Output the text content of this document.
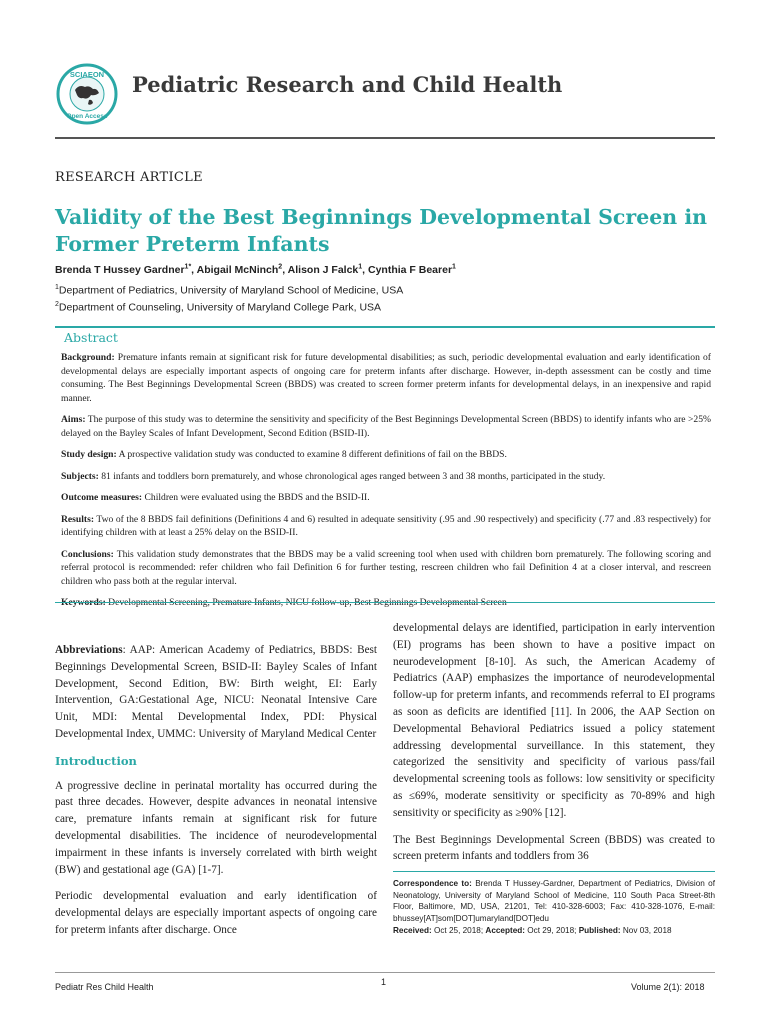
SCIAEON
Open Access
Pediatric Research and Child Health
RESEARCH ARTICLE
Validity of the Best Beginnings Developmental Screen in Former Preterm Infants
Brenda T Hussey Gardner$^{1*}$, Abigail McNinch$^2$, Alison J Falck$^1$, Cynthia F Bearer$^1$
$^1$Department of Pediatrics, University of Maryland School of Medicine, USA
$^2$Department of Counseling, University of Maryland College Park, USA
Abstract

Background: Premature infants remain at significant risk for future developmental disabilities; as such, periodic developmental evaluation and early identification of developmental delays are especially important aspects of ongoing care for preterm infants after discharge. However, in-depth assessment can be costly and time consuming. The Best Beginnings Developmental Screen (BBDS) was created to screen former preterm infants for developmental delays, in an inexpensive and rapid manner.

Aims: The purpose of this study was to determine the sensitivity and specificity of the Best Beginnings Developmental Screen (BBDS) to identify infants who are >25% delayed on the Bayley Scales of Infant Development, Second Edition (BSID-II).

Study design: A prospective validation study was conducted to examine 8 different definitions of fail on the BBDS.

Subjects: 81 infants and toddlers born prematurely, and whose chronological ages ranged between 3 and 38 months, participated in the study.

Outcome measures: Children were evaluated using the BBDS and the BSID-II.

Results: Two of the 8 BBDS fail definitions (Definitions 4 and 6) resulted in adequate sensitivity (.95 and .90 respectively) and specificity (.77 and .83 respectively) for identifying children with at least a 25% delay on the BSID-II.

Conclusions: This validation study demonstrates that the BBDS may be a valid screening tool when used with children born prematurely. The following scoring and referral protocol is recommended: refer children who fail Definition 6 for further testing, rescreen children who fail Definition 4 at a closer interval, and rescreen children who pass both at the regular interval.

Abbreviations: AAP: American Academy of Pediatrics, BBDS: Best Beginnings Developmental Screen, BSID-II: Bayley Scales of Infant Development, Second Edition, BW: Birth weight, EI: Early Intervention, GA:Gestational Age, NICU: Neonatal Intensive Care Unit, MDI: Mental Developmental Index, PDI: Physical Developmental Index, UMMC: University of Maryland Medical Center

Introduction

A progressive decline in perinatal mortality has occurred during the past three decades. However, despite advances in neonatal intensive care, premature infants remain at significant risk for future developmental disabilities. The incidence of neurodevelopmental impairment in these infants is inversely correlated with birth weight (BW) and gestational age (GA) [1-7].

Periodic developmental evaluation and early identification of developmental delays are especially important aspects of ongoing care for preterm infants after discharge. Once

developmental delays are identified, participation in early intervention (EI) programs has been shown to have a positive impact on neurodevelopment [8-10]. As such, the American Academy of Pediatrics (AAP) emphasizes the importance of neurodevelopmental follow-up for preterm infants, and recommends referral to EI programs as soon as deficits are identified [11]. In 2006, the AAP Section on Developmental Behavioral Pediatrics issued a policy statement addressing developmental surveillance. In this statement, they categorized the sensitivity and specificity of various pass/fail developmental screening tools as follows: low sensitivity or specificity as ≤69%, moderate sensitivity or specificity as 70-89% and high sensitivity or specificity as ≥90% [12].

The Best Beginnings Developmental Screen (BBDS) was created to screen preterm infants and toddlers from 36

Correspondence to: Brenda T Hussey-Gardner, Department of Pediatrics, Division of Neonatology, University of Maryland School of Medicine, 110 South Paca Street-8th Floor, Baltimore, MD, USA, 21201, Tel: 410-328-6003; Fax: 410-328-1076, E-mail: bhussey[AT]som[DOT]umaryland[DOT]edu
Received: Oct 25, 2018; Accepted: Oct 29, 2018; Published: Nov 03, 2018
Pediatr Res Child Health	1	Volume 2(1): 2018
